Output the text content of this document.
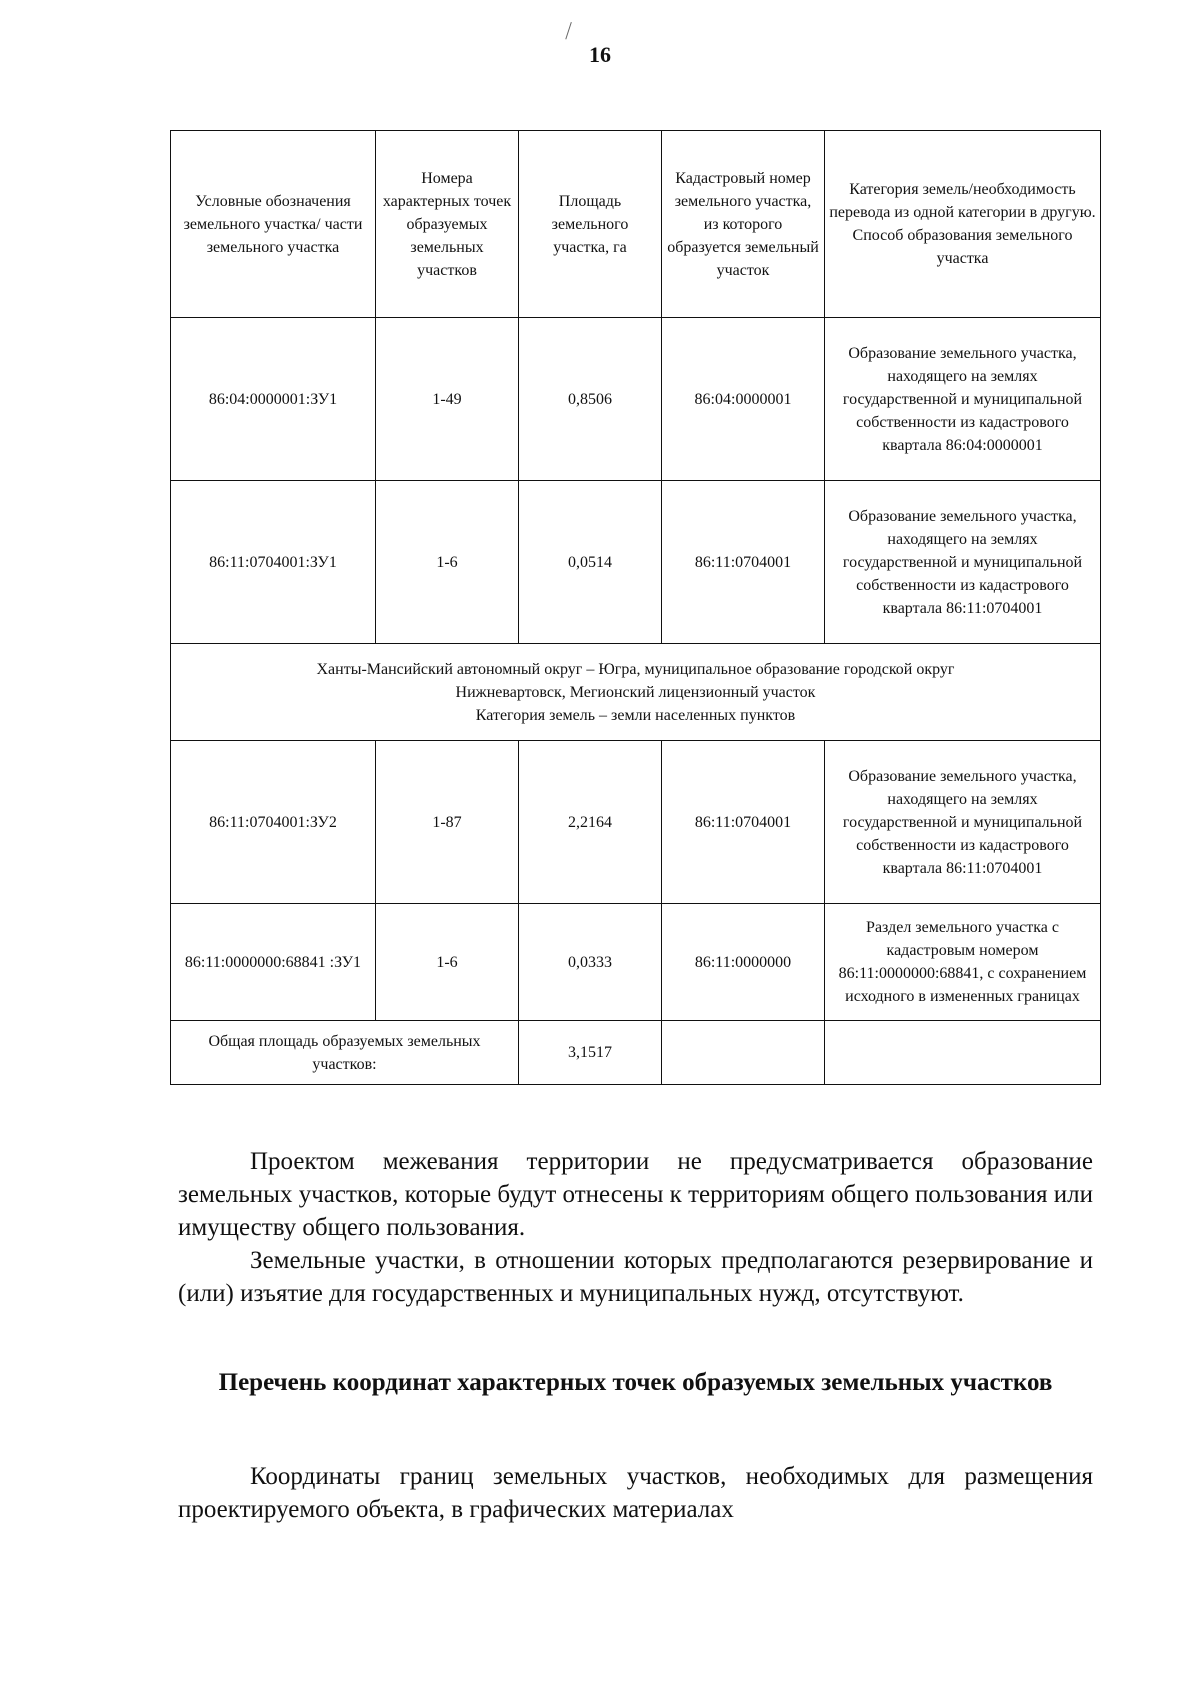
16
Условные обозначения земельного участка/ части земельного участка	Номера характерных точек образуемых земельных участков	Площадь земельного участка, га	Кадастровый номер земельного участка, из которого образуется земельный участок	Категория земель/необходимость перевода из одной категории в другую. Способ образования земельного участка
86:04:0000001:ЗУ1	1-49	0,8506	86:04:0000001	Образование земельного участка, находящего на землях государственной и муниципальной собственности из кадастрового квартала 86:04:0000001
86:11:0704001:ЗУ1	1-6	0,0514	86:11:0704001	Образование земельного участка, находящего на землях государственной и муниципальной собственности из кадастрового квартала 86:11:0704001

Ханты-Мансийский автономный округ – Югра, муниципальное образование городской округ
Нижневартовск, Мегионский лицензионный участок
Категория земель – земли населенных пунктов				

86:11:0704001:ЗУ2	1-87	2,2164	86:11:0704001	Образование земельного участка, находящего на землях государственной и муниципальной собственности из кадастрового квартала 86:11:0704001
86:11:0000000:68841 :ЗУ1	1-6	0,0333	86:11:0000000	Раздел земельного участка с кадастровым номером 86:11:0000000:68841, с сохранением исходного в измененных границах
Общая площадь образуемых земельных участков:		3,1517		

Проектом межевания территории не предусматривается образование земельных участков, которые будут отнесены к территориям общего пользования или имуществу общего пользования.

Земельные участки, в отношении которых предполагаются резервирование и (или) изъятие для государственных и муниципальных нужд, отсутствуют.

Перечень координат характерных точек образуемых земельных участков

Координаты границ земельных участков, необходимых для размещения проектируемого объекта, в графических материалах
